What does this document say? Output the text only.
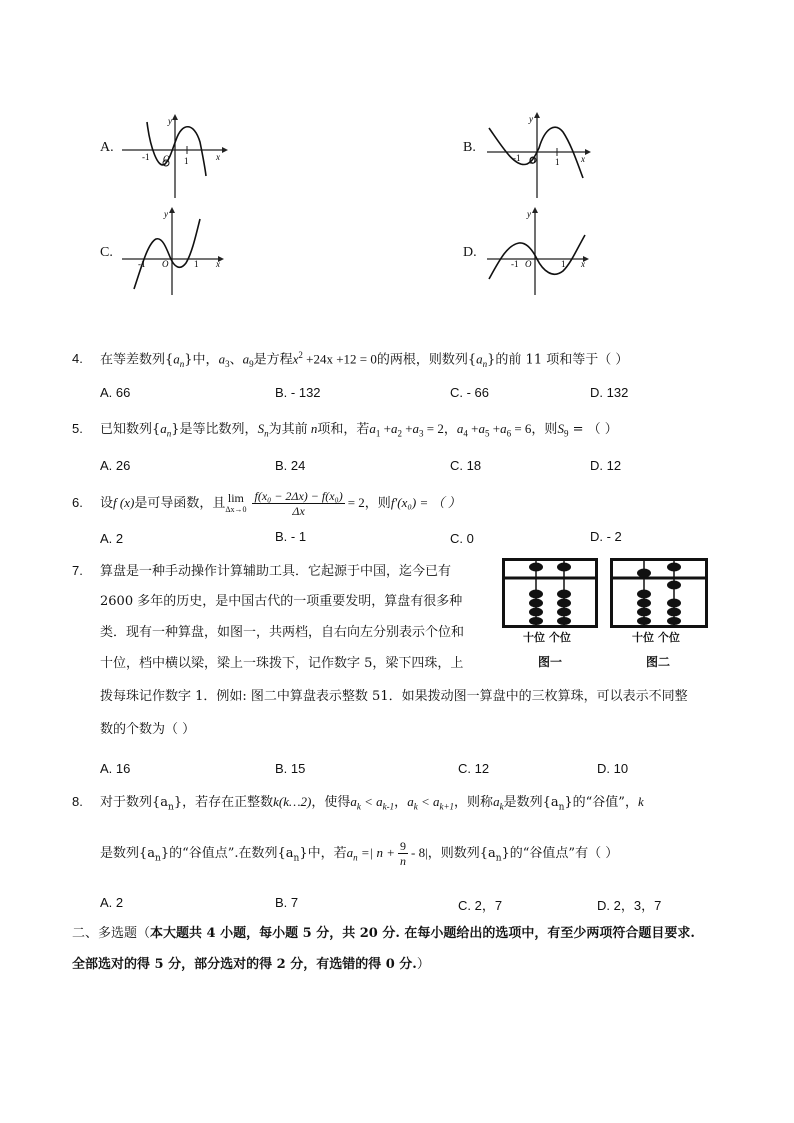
A.
-1	1
O
y
x
B.
-1	1
O
y
x
C.
-1	1
O
y
x
D.
-1	1
O
y
x
4. 在等差数列$\{a_n\}$中，$a_3$、$a_9$是方程$x^2 +24x +12 = 0$的两根，则数列$\{a_n\}$的前 11 项和等于（ ）
A. 66	B. - 132	C. - 66	D. 132
5. 已知数列$\{a_n\}$是等比数列，$S_n$为其前 n项和，若$a_1 +a_2 +a_3 = 2$，$a_4 +a_5 +a_6 = 6$，则$S_9$ = （ ）
A. 26	B. 24	C. 18	D. 12
6. 设f (x)是可导函数，且 lim
$\Delta x\to 0 \frac{\text{f(x₀ − 2Δx) − f(x₀)}}{\Delta x} = 2$，则f′(x₀) = （ ）
A. 2	B. - 1	C. 0	D. - 2
7. 算盘是一种手动操作计算辅助工具．它起源于中国，迄今已有
2600 多年的历史，是中国古代的一项重要发明，算盘有很多种
类．现有一种算盘，如图一，共两档，自右向左分别表示个位和
十位，档中横以梁，梁上一珠拨下，记作数字 5，梁下四珠，上
拨每珠记作数字 1．例如: 图二中算盘表示整数 51．如果拨动图一算盘中的三枚算珠，可以表示不同整
数的个数为（ ）
十位 个位
图一
十位 个位
图二
A. 16	B. 15	C. 12	D. 10
8. 对于数列$\{a_n\}$，若存在正整数k(k…2)，使得$a_k < a_{k-1}$，$a_k < a_{k+1}$，则称$a_k$是数列$\{a_n\}$的“谷值”，k
是数列$\{a_n\}$的“谷值点”.在数列$\{a_n\}$中，若$a_n$ =| $n + \frac{9}{n} - 8|$，则数列$\{a_n\}$的“谷值点”有（ ）
A. 2	B. 7	C. 2，7	D. 2，3，7
二、多选题（本大题共 4 小题，每小题 5 分，共 20 分. 在每小题给出的选项中，有至少两项符合题目要求.
全部选对的得 5 分，部分选对的得 2 分，有选错的得 0 分.）
